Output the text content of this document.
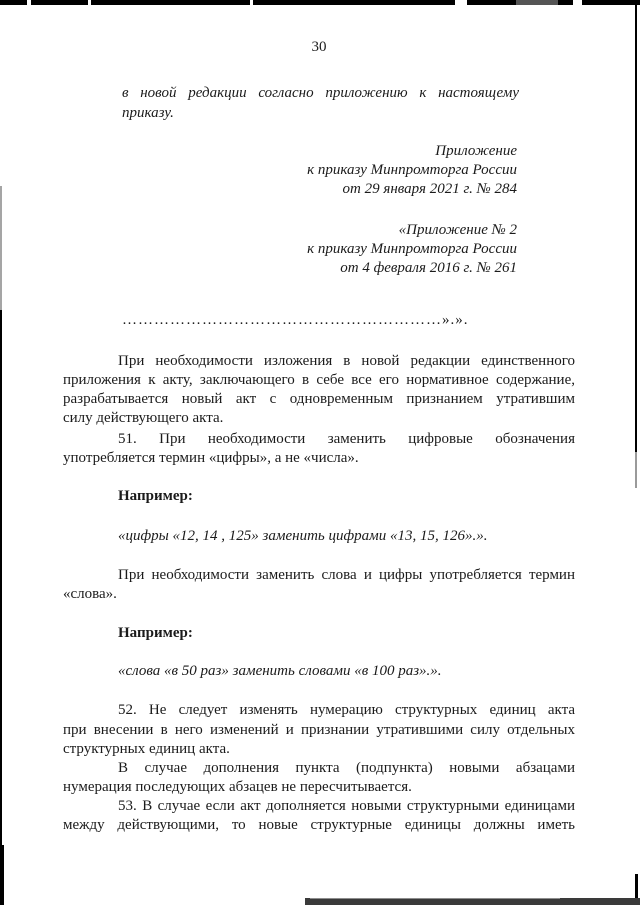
30
в новой редакции согласно приложению к настоящему
приказу.
Приложение
к приказу Минпромторга России
от 29 января 2021 г. № 284
«Приложение № 2
к приказу Минпромторга России
от 4 февраля 2016 г. № 261
……………………………………………………».».
При необходимости изложения в новой редакции единственного
приложения к акту, заключающего в себе все его нормативное содержание,
разрабатывается новый акт с одновременным признанием утратившим
силу действующего акта.
51. При необходимости заменить цифровые обозначения
употребляется термин «цифры», а не «числа».
Например:
«цифры «12, 14 , 125» заменить цифрами «13, 15, 126».».
При необходимости заменить слова и цифры употребляется термин
«слова».
Например:
«слова «в 50 раз» заменить словами «в 100 раз».».
52. Не следует изменять нумерацию структурных единиц акта
при внесении в него изменений и признании утратившими силу отдельных
структурных единиц акта.
В случае дополнения пункта (подпункта) новыми абзацами
нумерация последующих абзацев не пересчитывается.
53. В случае если акт дополняется новыми структурными единицами
между действующими, то новые структурные единицы должны иметь
